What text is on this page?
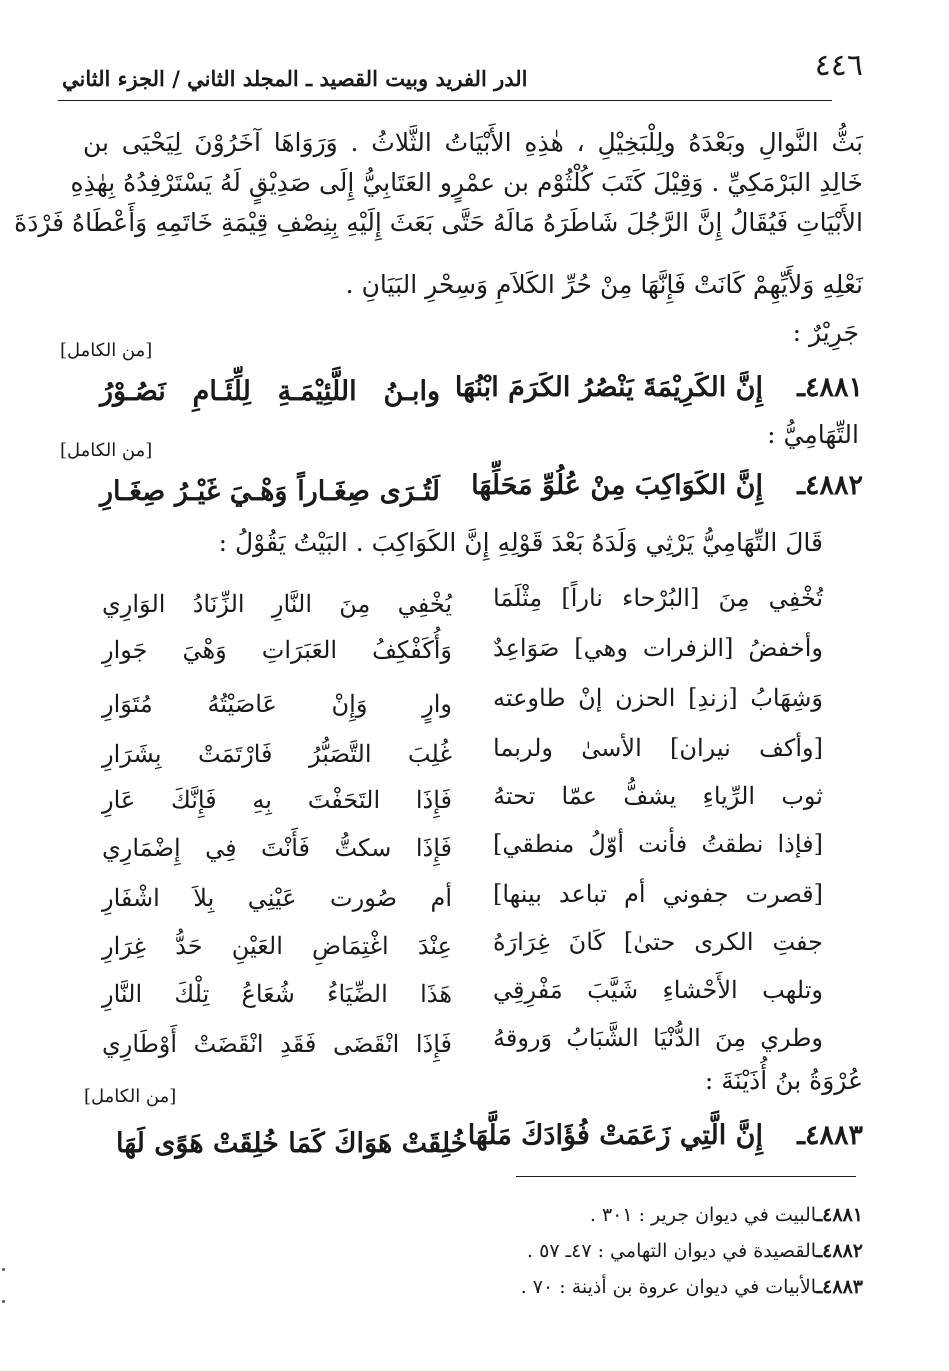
٤٤٦
الدر الفريد وبيت القصيد ـ المجلد الثاني / الجزء الثاني
بَثُّ النَّوالِ وبَعْدَهُ ولِلْبَخِيْلِ ، هٰذِهِ الأَبْيَاتُ الثَّلاثُ . وَرَوَاهَا آخَرُوْنَ لِيَحْيَى بن
خَالِدِ البَرْمَكِيِّ . وَقِيْلَ كَتَبَ كُلْثُوْم بن عمْرٍو العَتَابِيُّ إِلَى صَدِيْقٍ لَهُ يَسْتَرْفِدُهُ بِهٰذِهِ
الأَبْيَاتِ فَيُقَالُ إِنَّ الرَّجُلَ شَاطَرَهُ مَالَهُ حَتَّى بَعَثَ إِلَيْهِ بِنِصْفِ قِيْمَةِ خَاتَمِهِ وَأَعْطَاهُ فَرْدَةَ
نَعْلِهِ وَلأَيِّهِمْ كَانَتْ فَإِنَّهَا مِنْ حُرِّ الكَلاَمِ وَسِحْرِ البَيَانِ .
جَرِيْرٌ :
[من الكامل]
٤٨٨١ـ
إِنَّ الكَرِيْمَةَ يَنْصُرُ الكَرَمَ ابْنُهَا
وابـنُ اللَّئِيْمَـةِ لِلِّئَـامِ نَصُـوْرُ
التِّهَامِيُّ :
[من الكامل]
٤٨٨٢ـ
إِنَّ الكَوَاكِبَ مِنْ عُلُوِّ مَحَلِّهَا
لَتُـرَى صِغَـاراً وَهْـيَ غَيْـرُ صِغَـارِ
قَالَ التِّهَامِيُّ يَرْثِي وَلَدَهُ بَعْدَ قَوْلِهِ إِنَّ الكَوَاكِبَ . البَيْتُ يَقُوْلُ :
تُخْفِي مِنَ [البُرْحاء ناراً] مِثْلَمَا
يُخْفِي مِنَ النَّارِ الزِّنَادُ الوَارِي
وأخفضُ [الزفرات وهي] صَوَاعِدٌ
وَأُكَفْكِفُ العَبَرَاتِ وَهْيَ جَوارِ
وَشِهَابُ [زندِ] الحزن إنْ طاوعته
وارٍ وَإِنْ عَاصَيْتُهُ مُتَوَارِ
[وأكف نيران] الأسىٰ ولربما
غُلِبَ التَّصَبُّرُ فَارْتَمَتْ بِشَرَارِ
ثوب الرِّياءِ يشفُّ عمّا تحتهُ
فَإِذَا التَحَفْتَ بِهِ فَإِنَّكَ عَارِ
[فإذا نطقتُ فأنت أوّلُ منطقي]
فَإِذَا سكتُّ فَأَنْتَ فِي إِضْمَارِي
[قصرت جفوني أم تباعد بينها]
أم صُورت عَيْنِي بِلاَ اشْفَارِ
جفتِ الكرى حتىٰ] كَانَ غِرَارَهُ
عِنْدَ اغْتِمَاضِ العَيْنِ حَدُّ غِرَارِ
وتلهب الأَحْشاءِ شَيَّبَ مَفْرِقِي
هَذَا الضِّيَاءُ شُعَاعُ تِلْكَ النَّارِ
وطري مِنَ الدُّنْيَا الشَّبَابُ وَروقهُ
فَإِذَا انْقَضَى فَقَدِ انْقَضَتْ أَوْطَارِي
عُرْوَةُ بنُ أُذَيْنَةَ :
[من الكامل]
٤٨٨٣ـ
إِنَّ الَّتِي زَعَمَتْ فُؤَادَكَ مَلَّهَا
خُلِقَتْ هَوَاكَ كَمَا خُلِقَتْ هَوًى لَهَا
٤٨٨١ـالبيت في ديوان جرير : ٣٠١ .
٤٨٨٢ـالقصيدة في ديوان التهامي : ٤٧ـ ٥٧ .
٤٨٨٣ـالأبيات في ديوان عروة بن أذينة : ٧٠ .
